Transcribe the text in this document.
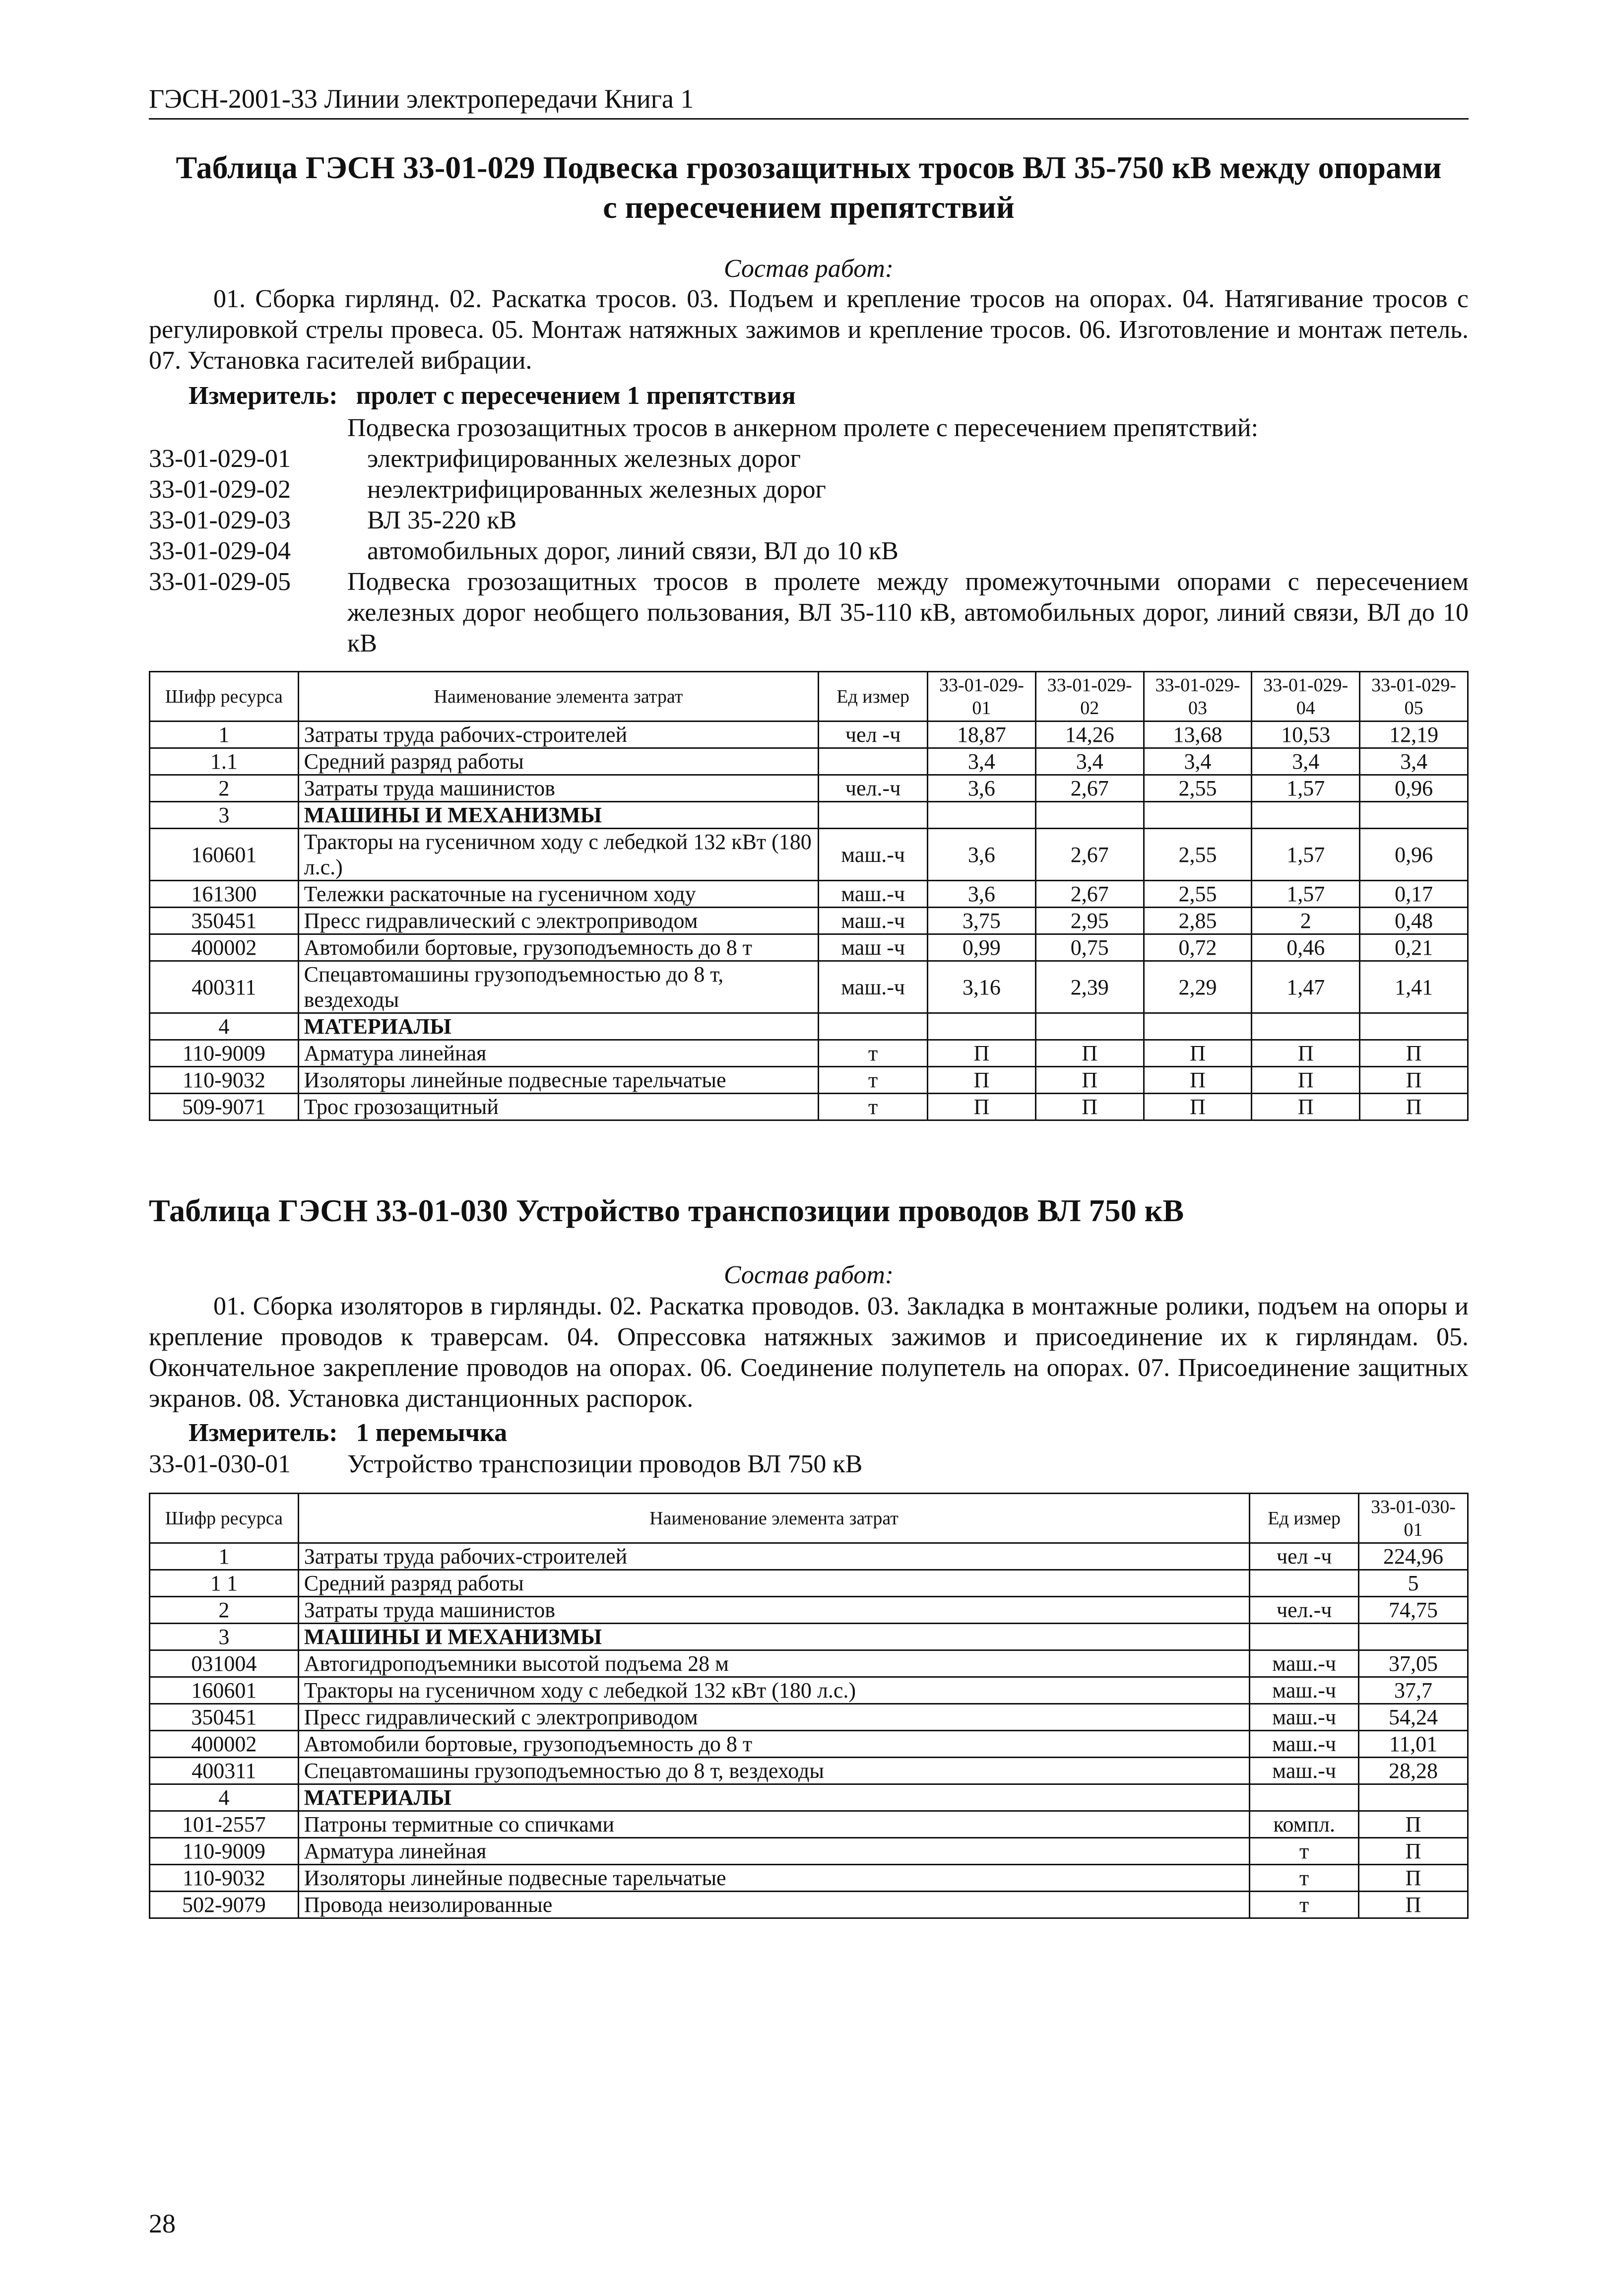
ГЭСН-2001-33 Линии электропередачи Книга 1
Таблица ГЭСН 33-01-029 Подвеска грозозащитных тросов ВЛ 35-750 кВ между опорами
с пересечением препятствий
Состав работ:
01. Сборка гирлянд. 02. Раскатка тросов. 03. Подъем и крепление тросов на опорах. 04. Натягивание тросов с регулировкой стрелы провеса. 05. Монтаж натяжных зажимов и крепление тросов. 06. Изготовление и монтаж петель. 07. Установка гасителей вибрации.
Измеритель: пролет с пересечением 1 препятствия
Подвеска грозозащитных тросов в анкерном пролете с пересечением препятствий:
33-01-029-01	электрифицированных железных дорог
33-01-029-02	неэлектрифицированных железных дорог
33-01-029-03	ВЛ 35-220 кВ
33-01-029-04	автомобильных дорог, линий связи, ВЛ до 10 кВ
33-01-029-05	Подвеска грозозащитных тросов в пролете между промежуточными опорами с пересечением железных дорог необщего пользования, ВЛ 35-110 кВ, автомобильных дорог, линий связи, ВЛ до 10 кВ
Шифр ресурса	Наименование элемента затрат	Ед измер	33-01-029-01	33-01-029-02	33-01-029-03	33-01-029-04	33-01-029-05
1	Затраты труда рабочих-строителей	чел -ч	18,87	14,26	13,68	10,53	12,19
1.1	Средний разряд работы		3,4	3,4	3,4	3,4	3,4
2	Затраты труда машинистов	чел.-ч	3,6	2,67	2,55	1,57	0,96
3	МАШИНЫ И МЕХАНИЗМЫ						
160601	Тракторы на гусеничном ходу с лебедкой 132 кВт (180 л.с.)	маш.-ч	3,6	2,67	2,55	1,57	0,96
161300	Тележки раскаточные на гусеничном ходу	маш.-ч	3,6	2,67	2,55	1,57	0,17
350451	Пресс гидравлический с электроприводом	маш.-ч	3,75	2,95	2,85	2	0,48
400002	Автомобили бортовые, грузоподъемность до 8 т	маш -ч	0,99	0,75	0,72	0,46	0,21
400311	Спецавтомашины грузоподъемностью до 8 т, вездеходы	маш.-ч	3,16	2,39	2,29	1,47	1,41
4	МАТЕРИАЛЫ						
110-9009	Арматура линейная	т	П	П	П	П	П
110-9032	Изоляторы линейные подвесные тарельчатые	т	П	П	П	П	П
509-9071	Трос грозозащитный	т	П	П	П	П	П
Таблица ГЭСН 33-01-030 Устройство транспозиции проводов ВЛ 750 кВ
Состав работ:
01. Сборка изоляторов в гирлянды. 02. Раскатка проводов. 03. Закладка в монтажные ролики, подъем на опоры и крепление проводов к траверсам. 04. Опрессовка натяжных зажимов и присоединение их к гирляндам. 05. Окончательное закрепление проводов на опорах. 06. Соединение полупетель на опорах. 07. Присоединение защитных экранов. 08. Установка дистанционных распорок.
Измеритель: 1 перемычка
33-01-030-01	Устройство транспозиции проводов ВЛ 750 кВ
Шифр ресурса	Наименование элемента затрат	Ед измер	33-01-030-01
1	Затраты труда рабочих-строителей	чел -ч	224,96
1 1	Средний разряд работы		5
2	Затраты труда машинистов	чел.-ч	74,75
3	МАШИНЫ И МЕХАНИЗМЫ		
031004	Автогидроподъемники высотой подъема 28 м	маш.-ч	37,05
160601	Тракторы на гусеничном ходу с лебедкой 132 кВт (180 л.с.)	маш.-ч	37,7
350451	Пресс гидравлический с электроприводом	маш.-ч	54,24
400002	Автомобили бортовые, грузоподъемность до 8 т	маш.-ч	11,01
400311	Спецавтомашины грузоподъемностью до 8 т, вездеходы	маш.-ч	28,28
4	МАТЕРИАЛЫ		
101-2557	Патроны термитные со спичками	компл.	П
110-9009	Арматура линейная	т	П
110-9032	Изоляторы линейные подвесные тарельчатые	т	П
502-9079	Провода неизолированные	т	П
28
